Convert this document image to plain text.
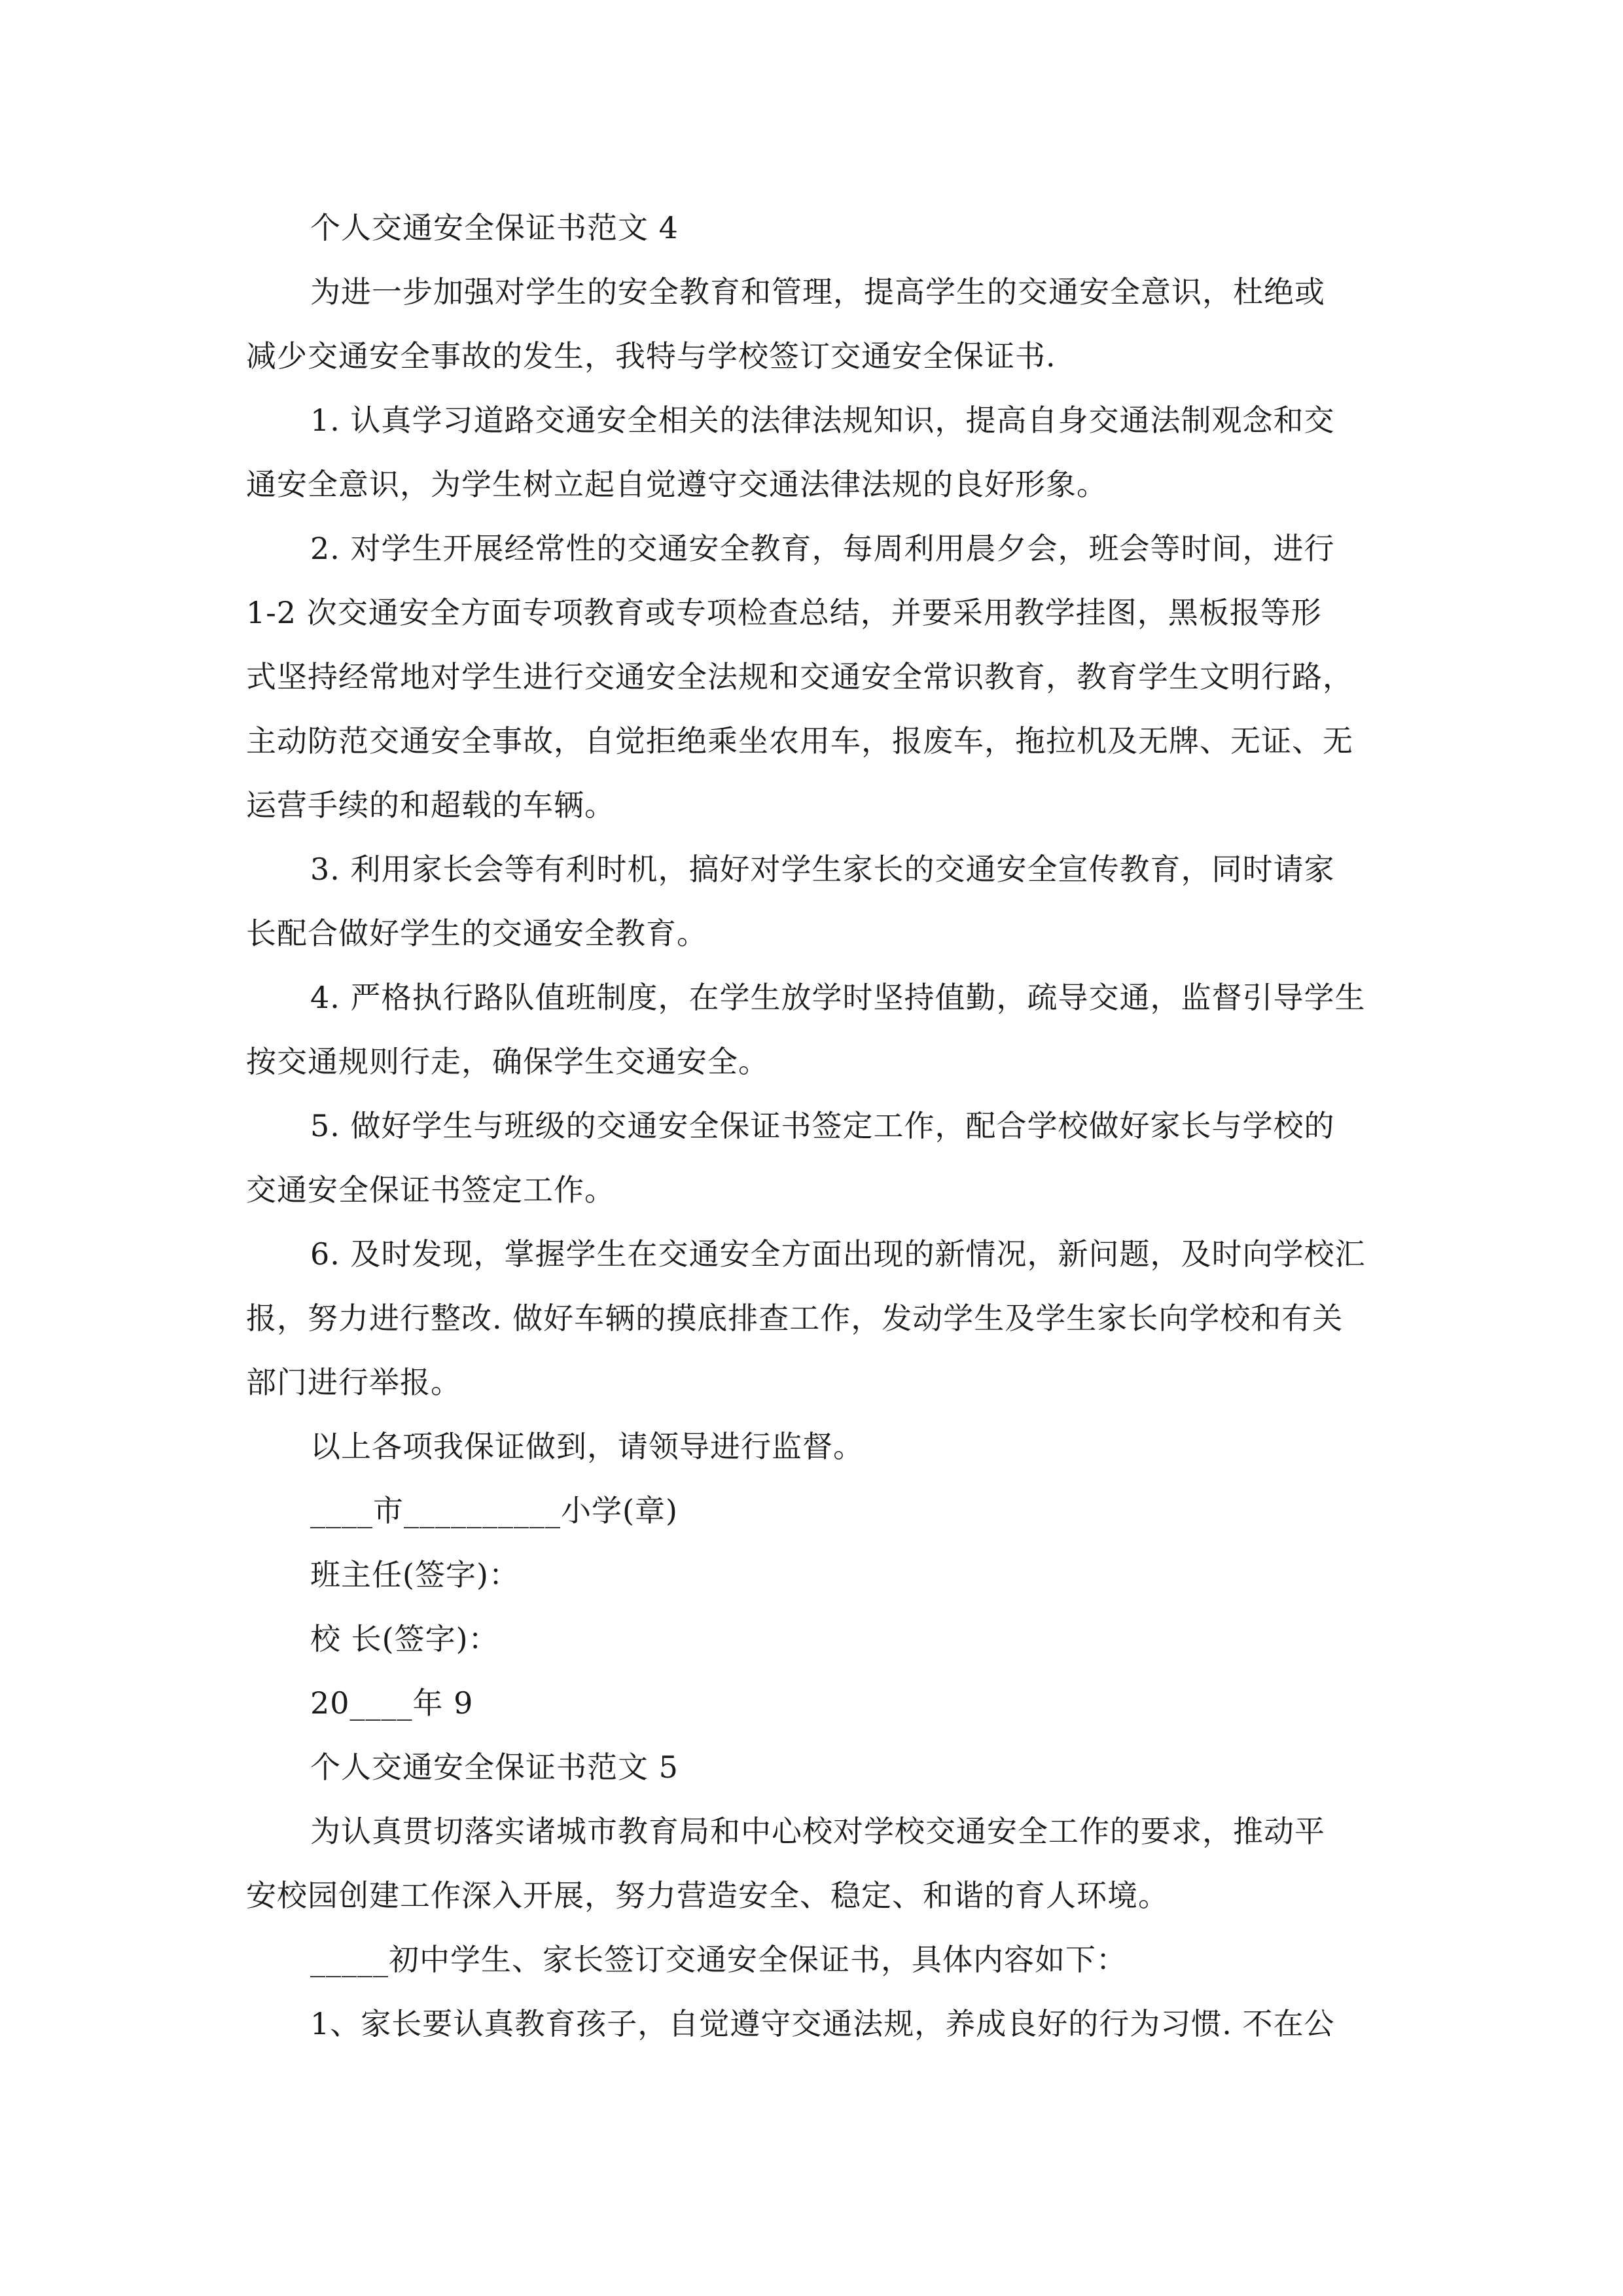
个人交通安全保证书范文 4
为进一步加强对学生的安全教育和管理，提高学生的交通安全意识，杜绝或
减少交通安全事故的发生，我特与学校签订交通安全保证书.
1. 认真学习道路交通安全相关的法律法规知识，提高自身交通法制观念和交
通安全意识，为学生树立起自觉遵守交通法律法规的良好形象。
2. 对学生开展经常性的交通安全教育，每周利用晨夕会，班会等时间，进行
1-2 次交通安全方面专项教育或专项检查总结，并要采用教学挂图，黑板报等形
式坚持经常地对学生进行交通安全法规和交通安全常识教育，教育学生文明行路，
主动防范交通安全事故，自觉拒绝乘坐农用车，报废车，拖拉机及无牌、无证、无
运营手续的和超载的车辆。
3. 利用家长会等有利时机，搞好对学生家长的交通安全宣传教育，同时请家
长配合做好学生的交通安全教育。
4. 严格执行路队值班制度，在学生放学时坚持值勤，疏导交通，监督引导学生
按交通规则行走，确保学生交通安全。
5. 做好学生与班级的交通安全保证书签定工作，配合学校做好家长与学校的
交通安全保证书签定工作。
6. 及时发现，掌握学生在交通安全方面出现的新情况，新问题，及时向学校汇
报，努力进行整改. 做好车辆的摸底排查工作，发动学生及学生家长向学校和有关
部门进行举报。
以上各项我保证做到，请领导进行监督。
____市__________小学(章)
班主任(签字)：
校 长(签字)：
20____年 9
个人交通安全保证书范文 5
为认真贯切落实诸城市教育局和中心校对学校交通安全工作的要求，推动平
安校园创建工作深入开展，努力营造安全、稳定、和谐的育人环境。
_____初中学生、家长签订交通安全保证书，具体内容如下：
1、家长要认真教育孩子，自觉遵守交通法规，养成良好的行为习惯. 不在公
